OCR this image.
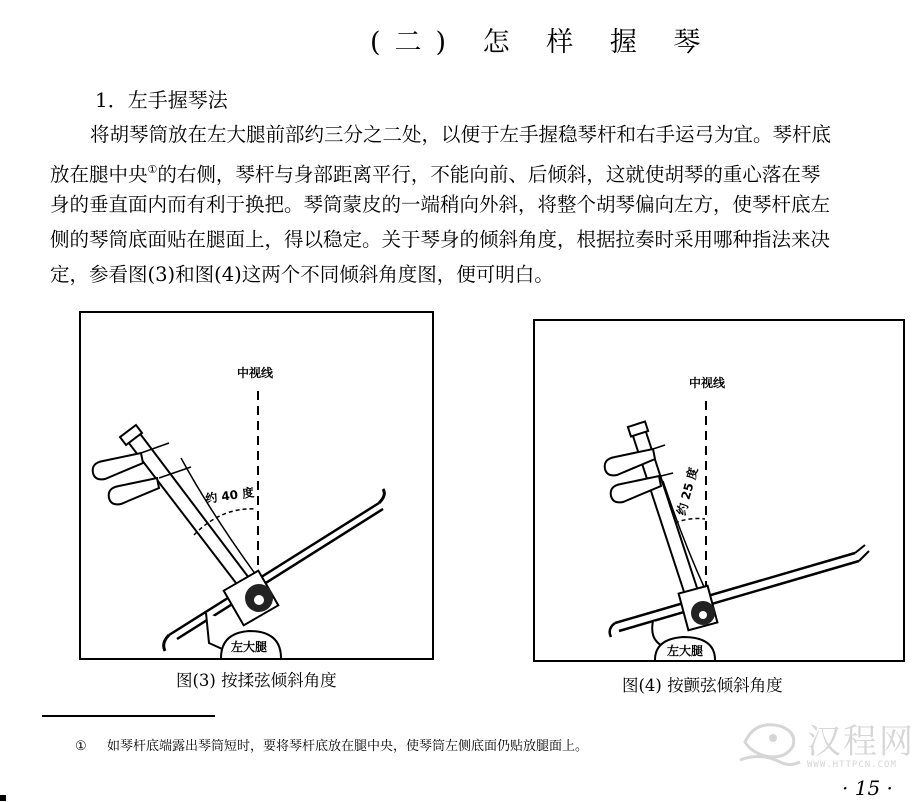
(二) 怎 样 握 琴
1．左手握琴法
将胡琴筒放在左大腿前部约三分之二处，以便于左手握稳琴杆和右手运弓为宜。琴杆底
放在腿中央①的右侧，琴杆与身部距离平行，不能向前、后倾斜，这就使胡琴的重心落在琴
身的垂直面内而有利于换把。琴筒蒙皮的一端稍向外斜，将整个胡琴偏向左方，使琴杆底左
侧的琴筒底面贴在腿面上，得以稳定。关于琴身的倾斜角度，根据拉奏时采用哪种指法来决
定，参看图(3)和图(4)这两个不同倾斜角度图，便可明白。
中视线
约 40 度
左大腿
图(3) 按揉弦倾斜角度
中视线
约 25 度
左大腿
图(4) 按颤弦倾斜角度
① 如琴杆底端露出琴筒短时，要将琴杆底放在腿中央，使琴筒左侧底面仍贴放腿面上。	汉程网
WWW.HTTPCN.COM
· 15 ·
